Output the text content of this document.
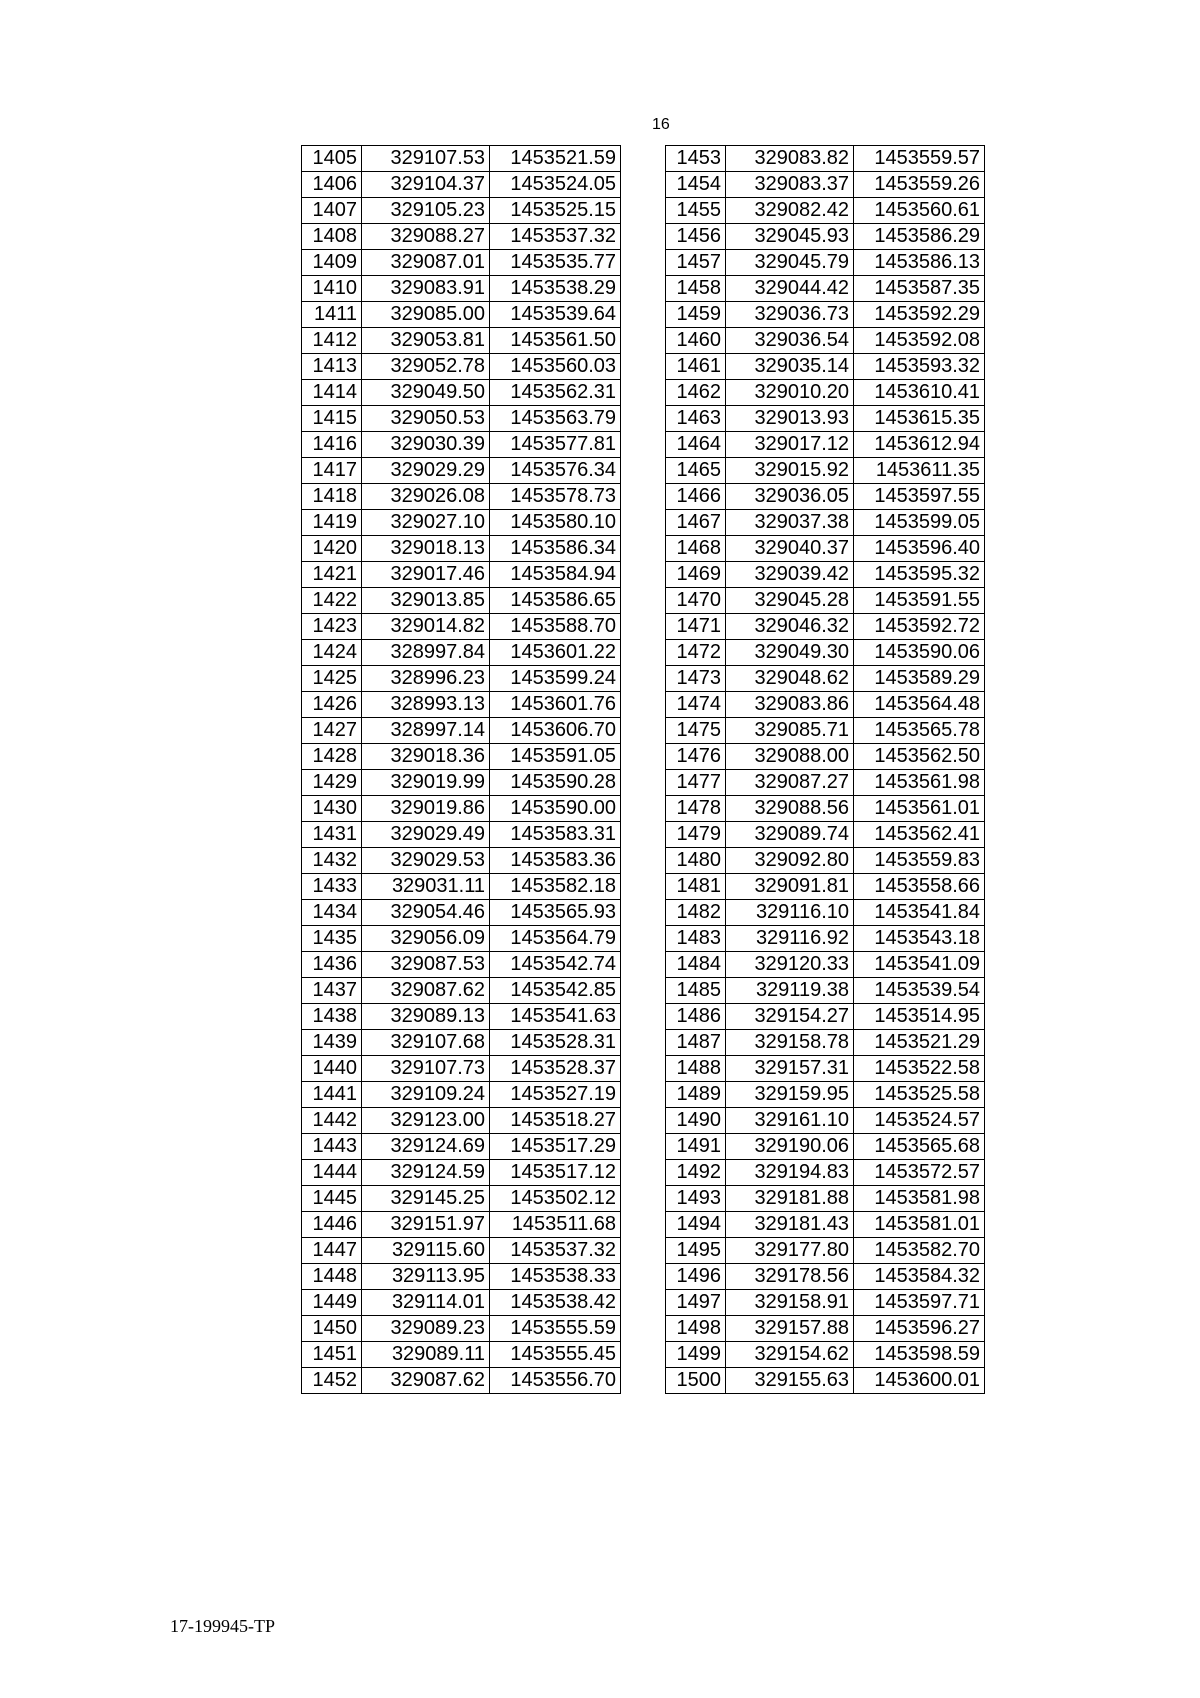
16
1405	329107.53	1453521.59
1406	329104.37	1453524.05
1407	329105.23	1453525.15
1408	329088.27	1453537.32
1409	329087.01	1453535.77
1410	329083.91	1453538.29
1411	329085.00	1453539.64
1412	329053.81	1453561.50
1413	329052.78	1453560.03
1414	329049.50	1453562.31
1415	329050.53	1453563.79
1416	329030.39	1453577.81
1417	329029.29	1453576.34
1418	329026.08	1453578.73
1419	329027.10	1453580.10
1420	329018.13	1453586.34
1421	329017.46	1453584.94
1422	329013.85	1453586.65
1423	329014.82	1453588.70
1424	328997.84	1453601.22
1425	328996.23	1453599.24
1426	328993.13	1453601.76
1427	328997.14	1453606.70
1428	329018.36	1453591.05
1429	329019.99	1453590.28
1430	329019.86	1453590.00
1431	329029.49	1453583.31
1432	329029.53	1453583.36
1433	329031.11	1453582.18
1434	329054.46	1453565.93
1435	329056.09	1453564.79
1436	329087.53	1453542.74
1437	329087.62	1453542.85
1438	329089.13	1453541.63
1439	329107.68	1453528.31
1440	329107.73	1453528.37
1441	329109.24	1453527.19
1442	329123.00	1453518.27
1443	329124.69	1453517.29
1444	329124.59	1453517.12
1445	329145.25	1453502.12
1446	329151.97	1453511.68
1447	329115.60	1453537.32
1448	329113.95	1453538.33
1449	329114.01	1453538.42
1450	329089.23	1453555.59
1451	329089.11	1453555.45
1452	329087.62	1453556.70
1453	329083.82	1453559.57
1454	329083.37	1453559.26
1455	329082.42	1453560.61
1456	329045.93	1453586.29
1457	329045.79	1453586.13
1458	329044.42	1453587.35
1459	329036.73	1453592.29
1460	329036.54	1453592.08
1461	329035.14	1453593.32
1462	329010.20	1453610.41
1463	329013.93	1453615.35
1464	329017.12	1453612.94
1465	329015.92	1453611.35
1466	329036.05	1453597.55
1467	329037.38	1453599.05
1468	329040.37	1453596.40
1469	329039.42	1453595.32
1470	329045.28	1453591.55
1471	329046.32	1453592.72
1472	329049.30	1453590.06
1473	329048.62	1453589.29
1474	329083.86	1453564.48
1475	329085.71	1453565.78
1476	329088.00	1453562.50
1477	329087.27	1453561.98
1478	329088.56	1453561.01
1479	329089.74	1453562.41
1480	329092.80	1453559.83
1481	329091.81	1453558.66
1482	329116.10	1453541.84
1483	329116.92	1453543.18
1484	329120.33	1453541.09
1485	329119.38	1453539.54
1486	329154.27	1453514.95
1487	329158.78	1453521.29
1488	329157.31	1453522.58
1489	329159.95	1453525.58
1490	329161.10	1453524.57
1491	329190.06	1453565.68
1492	329194.83	1453572.57
1493	329181.88	1453581.98
1494	329181.43	1453581.01
1495	329177.80	1453582.70
1496	329178.56	1453584.32
1497	329158.91	1453597.71
1498	329157.88	1453596.27
1499	329154.62	1453598.59
1500	329155.63	1453600.01
17-199945-TP
